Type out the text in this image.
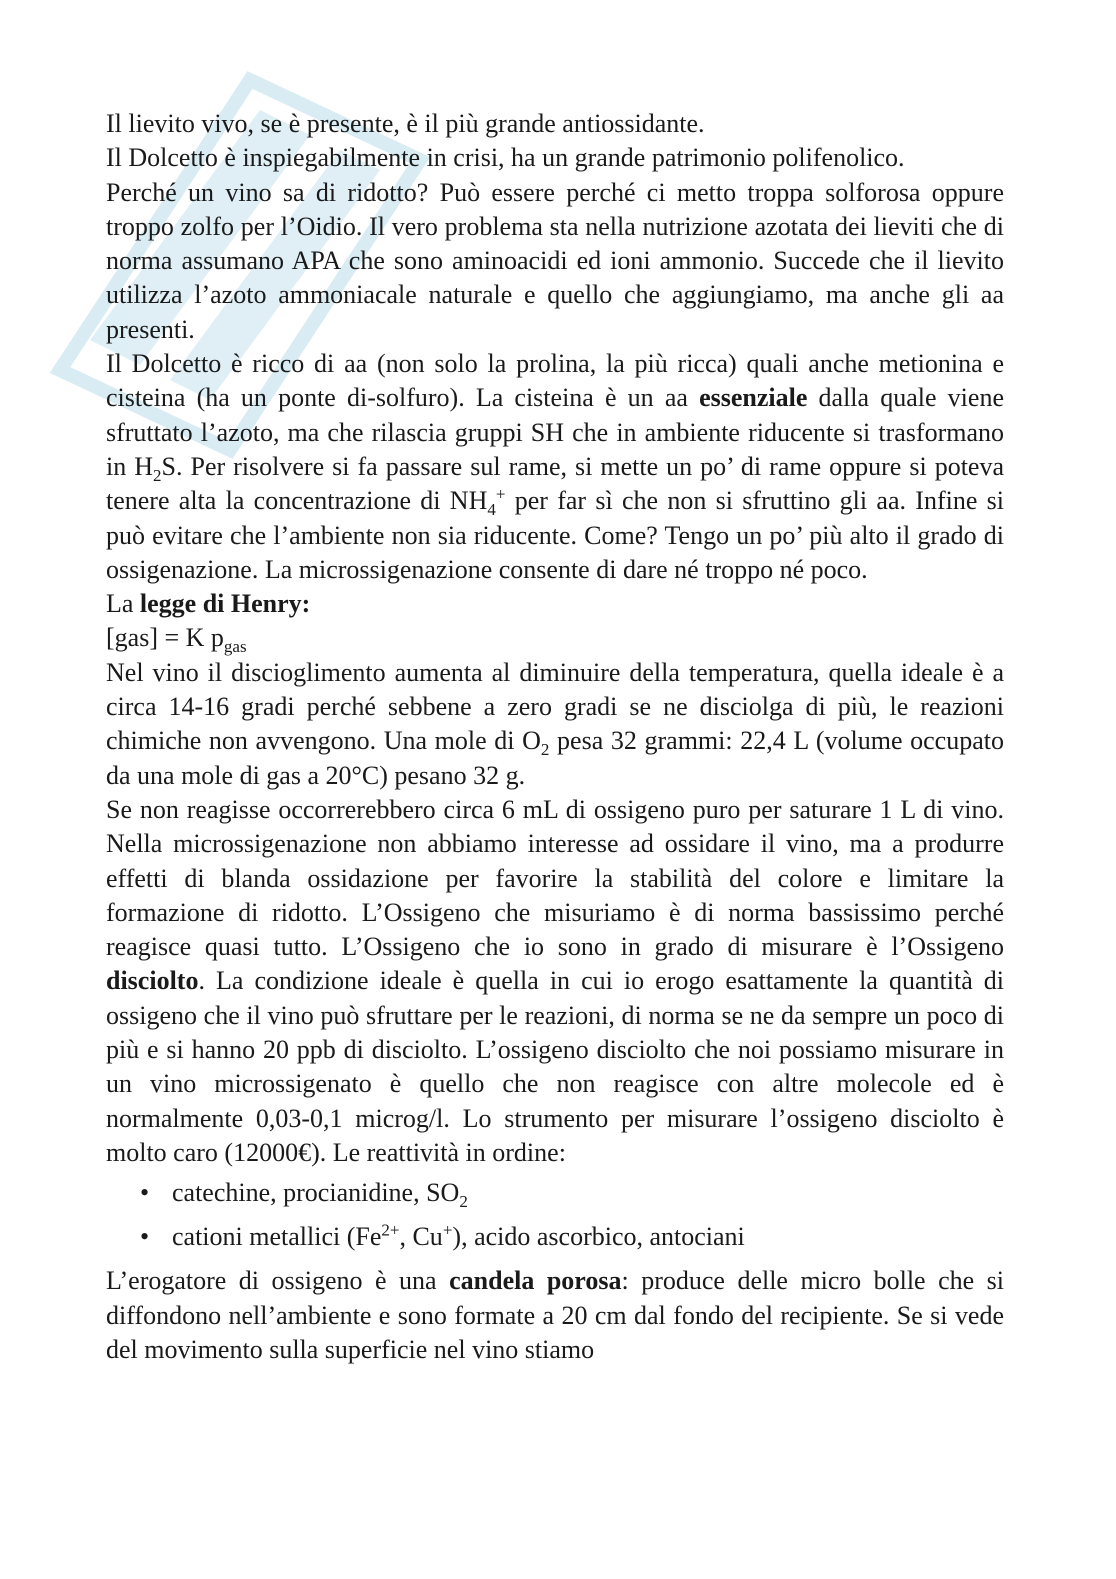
Il lievito vivo, se è presente, è il più grande antiossidante.

Il Dolcetto è inspiegabilmente in crisi, ha un grande patrimonio polifenolico.

Perché un vino sa di ridotto? Può essere perché ci metto troppa solforosa oppure troppo zolfo per l’Oidio. Il vero problema sta nella nutrizione azotata dei lieviti che di norma assumano APA che sono aminoacidi ed ioni ammonio. Succede che il lievito utilizza l’azoto ammoniacale naturale e quello che aggiungiamo, ma anche gli aa presenti.

Il Dolcetto è ricco di aa (non solo la prolina, la più ricca) quali anche metionina e cisteina (ha un ponte di-solfuro). La cisteina è un aa essenziale dalla quale viene sfruttato l’azoto, ma che rilascia gruppi SH che in ambiente riducente si trasformano in $H_2S$. Per risolvere si fa passare sul rame, si mette un po’ di rame oppure si poteva tenere alta la concentrazione di $NH_4^+$ per far sì che non si sfruttino gli aa. Infine si può evitare che l’ambiente non sia riducente. Come? Tengo un po’ più alto il grado di ossigenazione. La microssigenazione consente di dare né troppo né poco.

La legge di Henry:

[gas] = K $p_{gas}$

Nel vino il discioglimento aumenta al diminuire della temperatura, quella ideale è a circa 14-16 gradi perché sebbene a zero gradi se ne disciolga di più, le reazioni chimiche non avvengono. Una mole di $O_2$ pesa 32 grammi: 22,4 L (volume occupato da una mole di gas a 20°C) pesano 32 g.

Se non reagisse occorrerebbero circa 6 mL di ossigeno puro per saturare 1 L di vino. Nella microssigenazione non abbiamo interesse ad ossidare il vino, ma a produrre effetti di blanda ossidazione per favorire la stabilità del colore e limitare la formazione di ridotto. L’Ossigeno che misuriamo è di norma bassissimo perché reagisce quasi tutto. L’Ossigeno che io sono in grado di misurare è l’Ossigeno disciolto. La condizione ideale è quella in cui io erogo esattamente la quantità di ossigeno che il vino può sfruttare per le reazioni, di norma se ne da sempre un poco di più e si hanno 20 ppb di disciolto. L’ossigeno disciolto che noi possiamo misurare in un vino microssigenato è quello che non reagisce con altre molecole ed è normalmente 0,03-0,1 microg/l. Lo strumento per misurare l’ossigeno disciolto è molto caro (12000€). Le reattività in ordine:

• catechine, procianidine, $SO_2$
• cationi metallici ($Fe^{2+}$, Cu+), acido ascorbico, antociani

L’erogatore di ossigeno è una candela porosa: produce delle micro bolle che si diffondono nell’ambiente e sono formate a 20 cm dal fondo del recipiente. Se si vede del movimento sulla superficie nel vino stiamo
